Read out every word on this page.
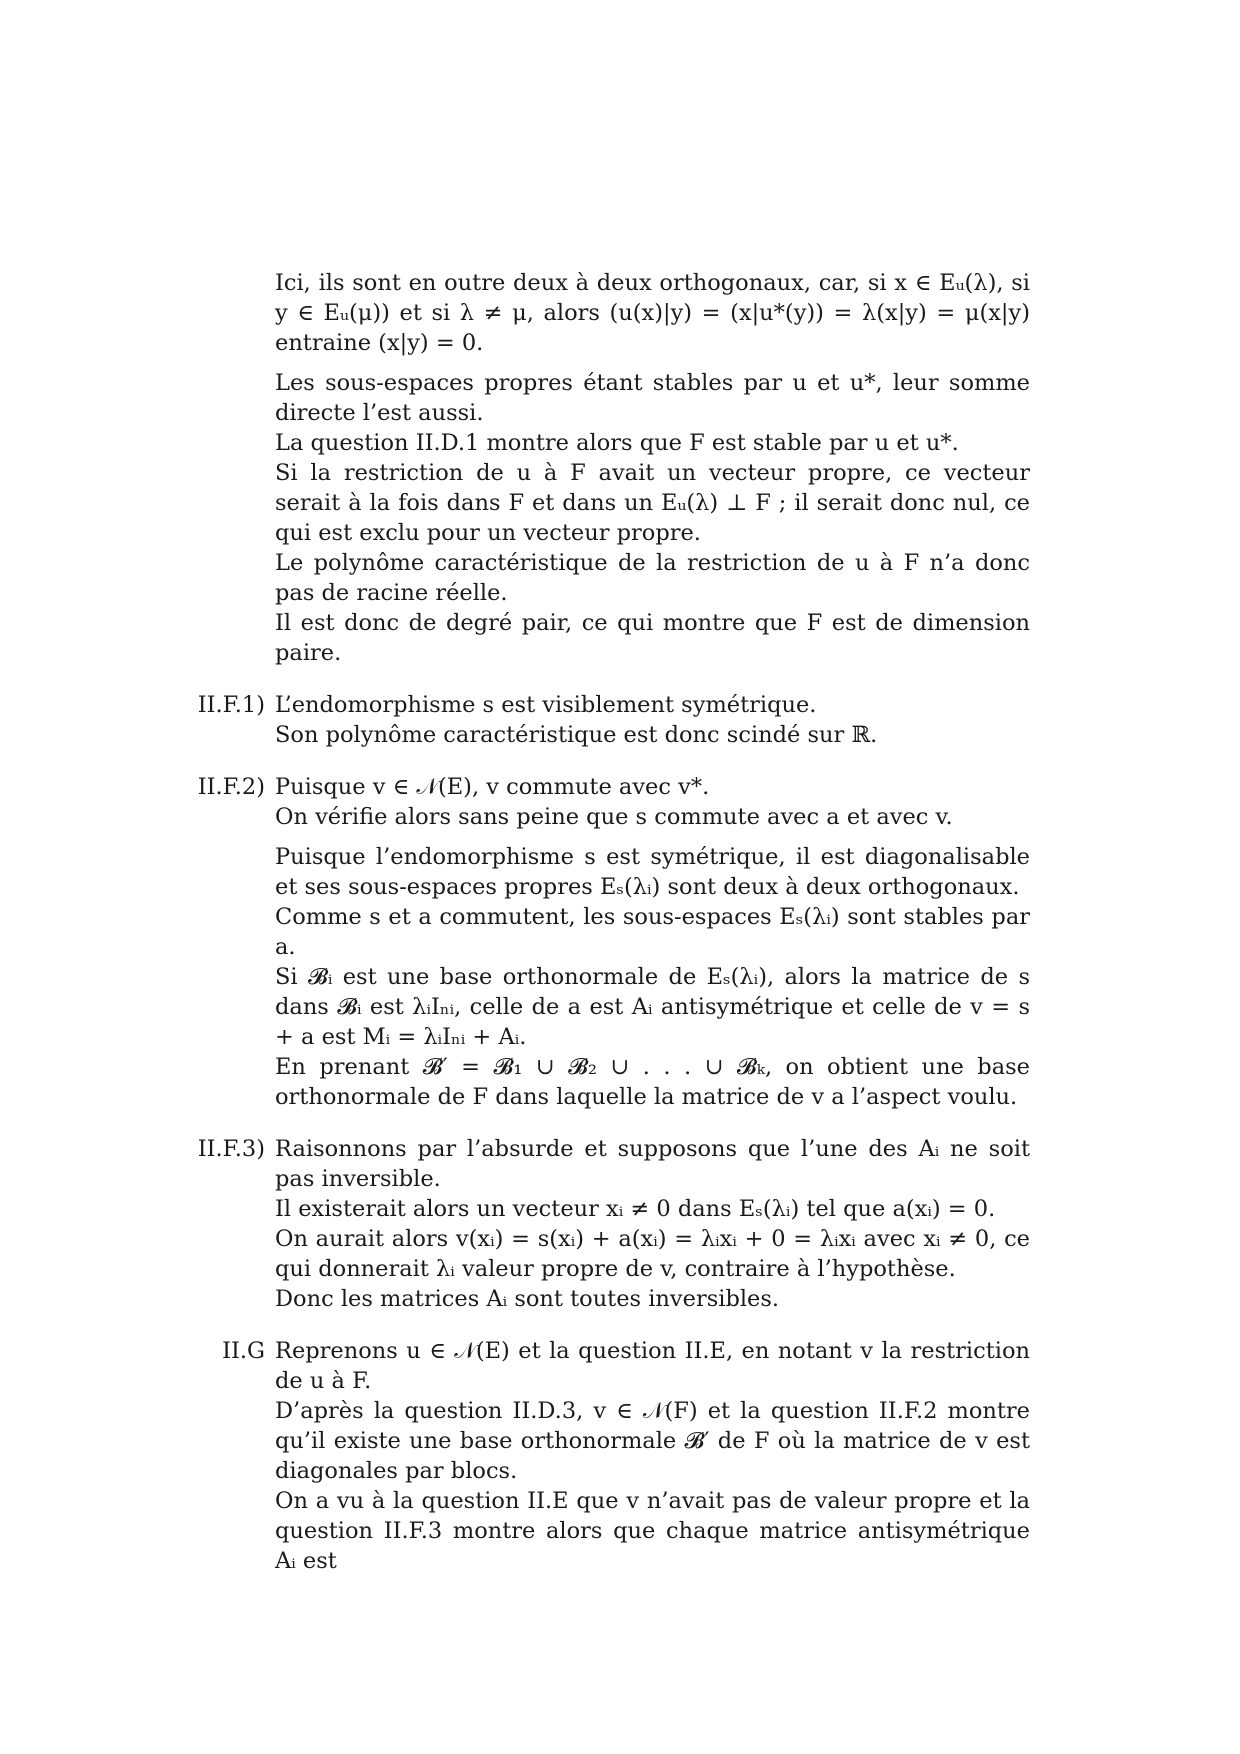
Ici, ils sont en outre deux à deux orthogonaux, car, si x ∈ Eᵤ(λ), si y ∈ Eᵤ(μ)) et si λ ≠ μ, alors (u(x)|y) = (x|u*(y)) = λ(x|y) = μ(x|y) entraine (x|y) = 0.

Les sous-espaces propres étant stables par u et u*, leur somme directe l’est aussi.

La question II.D.1 montre alors que F est stable par u et u*.

Si la restriction de u à F avait un vecteur propre, ce vecteur serait à la fois dans F et dans un Eᵤ(λ) ⊥ F ; il serait donc nul, ce qui est exclu pour un vecteur propre.

Le polynôme caractéristique de la restriction de u à F n’a donc pas de racine réelle.

Il est donc de degré pair, ce qui montre que F est de dimension paire.

II.F.1) L’endomorphisme s est visiblement symétrique.

Son polynôme caractéristique est donc scindé sur ℝ.

II.F.2) Puisque v ∈ 𝒩(E), v commute avec v*.

On vérifie alors sans peine que s commute avec a et avec v.

Puisque l’endomorphisme s est symétrique, il est diagonalisable et ses sous-espaces propres Eₛ(λᵢ) sont deux à deux orthogonaux.

Comme s et a commutent, les sous-espaces Eₛ(λᵢ) sont stables par a.

Si 𝓑ᵢ est une base orthonormale de Eₛ(λᵢ), alors la matrice de s dans 𝓑ᵢ est λᵢIₙᵢ, celle de a est Aᵢ antisymétrique et celle de v = s + a est Mᵢ = λᵢIₙᵢ + Aᵢ.

En prenant 𝓑′ = 𝓑₁ ∪ 𝓑₂ ∪ . . . ∪ 𝓑ₖ, on obtient une base orthonormale de F dans laquelle la matrice de v a l’aspect voulu.

II.F.3) Raisonnons par l’absurde et supposons que l’une des Aᵢ ne soit pas inversible.

Il existerait alors un vecteur xᵢ ≠ 0 dans Eₛ(λᵢ) tel que a(xᵢ) = 0.

On aurait alors v(xᵢ) = s(xᵢ) + a(xᵢ) = λᵢxᵢ + 0 = λᵢxᵢ avec xᵢ ≠ 0, ce qui donnerait λᵢ valeur propre de v, contraire à l’hypothèse.

Donc les matrices Aᵢ sont toutes inversibles.

II.G Reprenons u ∈ 𝒩(E) et la question II.E, en notant v la restriction de u à F.

D’après la question II.D.3, v ∈ 𝒩(F) et la question II.F.2 montre qu’il existe une base orthonormale 𝓑′ de F où la matrice de v est diagonales par blocs.

On a vu à la question II.E que v n’avait pas de valeur propre et la question II.F.3 montre alors que chaque matrice antisymétrique Aᵢ est
